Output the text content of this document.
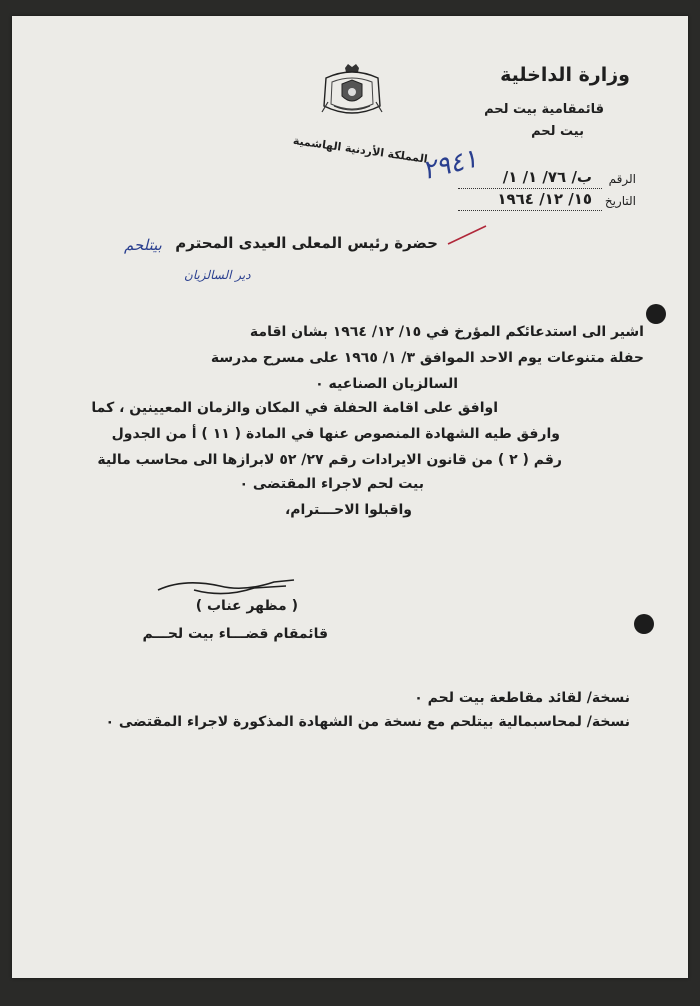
وزارة الداخلية
قائمقامية بيت لحم
بيت لحم
المملكة الأردنية الهاشمية
الرقم
ب/ ٧٦/ ١/ ١/
٢٩٤١
التاريخ
١٥/ ١٢/ ١٩٦٤
حضرة رئيس المعلى العيدى المحترم
بيتلحم
دير السالزيان
اشير الى استدعائكم المؤرخ في ١٥/ ١٢/ ١٩٦٤ بشان اقامة
حفلة متنوعات يوم الاحد الموافق ٣/ ١/ ١٩٦٥ على مسرح مدرسة
السالزيان الصناعيه ٠
اوافق على اقامة الحفلة في المكان والزمان المعيينين ، كما
وارفق طيه الشهادة المنصوص عنها في المادة ( ١١ ) أ من الجدول
رقم ( ٢ ) من قانون الايرادات رقم ٢٧/ ٥٢ لابرازها الى محاسب مالية
بيت لحم لاجراء المقتضى ٠
واقبلوا الاحـــترام،
( مظهر عناب )
قائمقام قضـــاء بيت لحـــم
نسخة/ لقائد مقاطعة بيت لحم ٠
نسخة/ لمحاسبمالية بيتلحم مع نسخة من الشهادة المذكورة لاجراء المقتضى ٠
